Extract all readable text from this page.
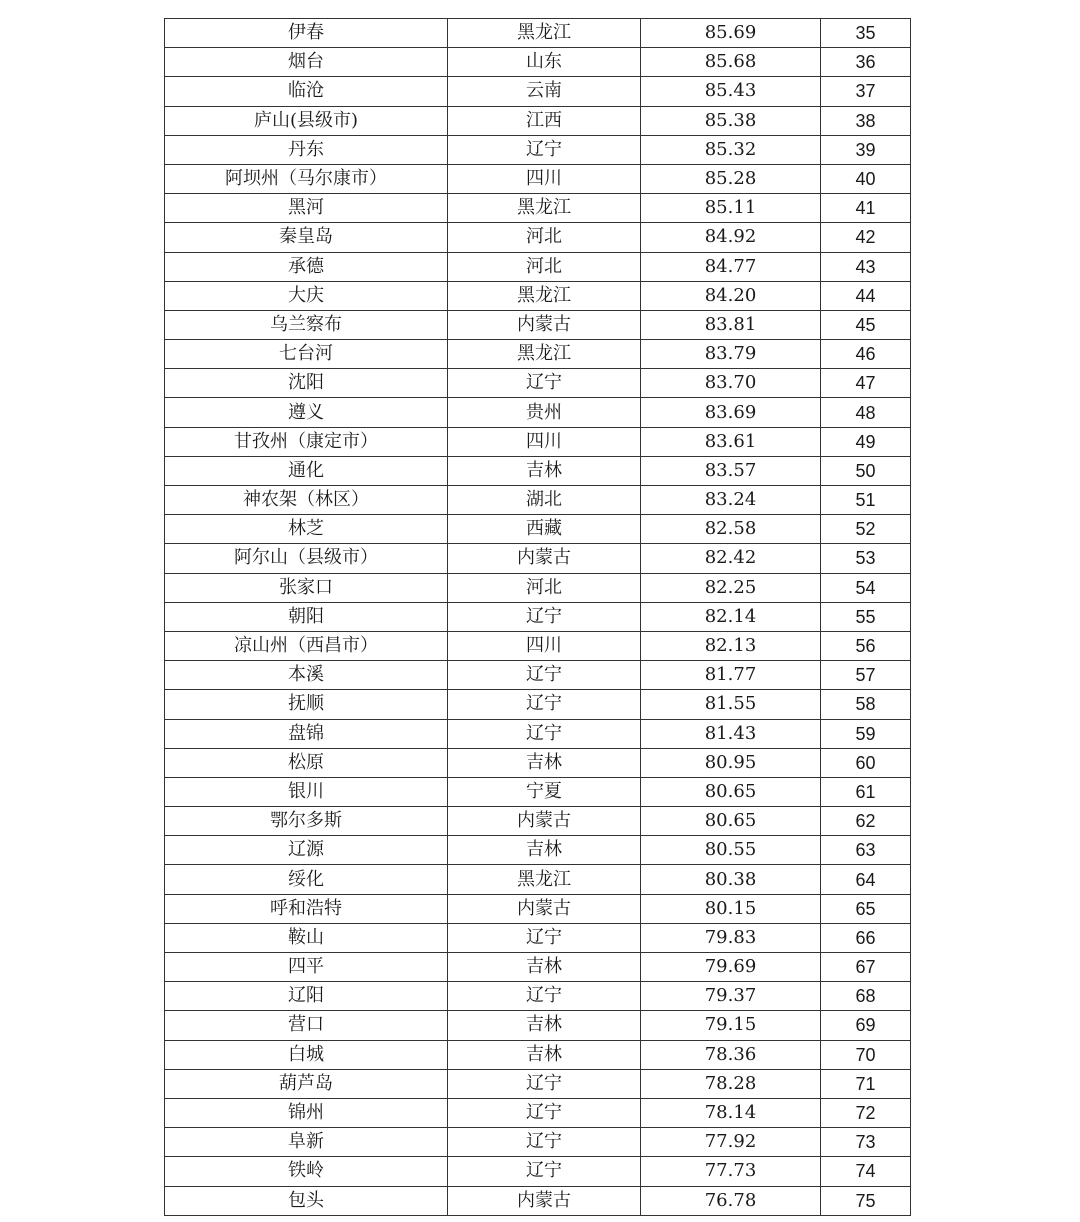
伊春	黑龙江	85.69	35
烟台	山东	85.68	36
临沧	云南	85.43	37
庐山(县级市)	江西	85.38	38
丹东	辽宁	85.32	39
阿坝州（马尔康市）	四川	85.28	40
黑河	黑龙江	85.11	41
秦皇岛	河北	84.92	42
承德	河北	84.77	43
大庆	黑龙江	84.20	44
乌兰察布	内蒙古	83.81	45
七台河	黑龙江	83.79	46
沈阳	辽宁	83.70	47
遵义	贵州	83.69	48
甘孜州（康定市）	四川	83.61	49
通化	吉林	83.57	50
神农架（林区）	湖北	83.24	51
林芝	西藏	82.58	52
阿尔山（县级市）	内蒙古	82.42	53
张家口	河北	82.25	54
朝阳	辽宁	82.14	55
凉山州（西昌市）	四川	82.13	56
本溪	辽宁	81.77	57
抚顺	辽宁	81.55	58
盘锦	辽宁	81.43	59
松原	吉林	80.95	60
银川	宁夏	80.65	61
鄂尔多斯	内蒙古	80.65	62
辽源	吉林	80.55	63
绥化	黑龙江	80.38	64
呼和浩特	内蒙古	80.15	65
鞍山	辽宁	79.83	66
四平	吉林	79.69	67
辽阳	辽宁	79.37	68
营口	吉林	79.15	69
白城	吉林	78.36	70
葫芦岛	辽宁	78.28	71
锦州	辽宁	78.14	72
阜新	辽宁	77.92	73
铁岭	辽宁	77.73	74
包头	内蒙古	76.78	75
